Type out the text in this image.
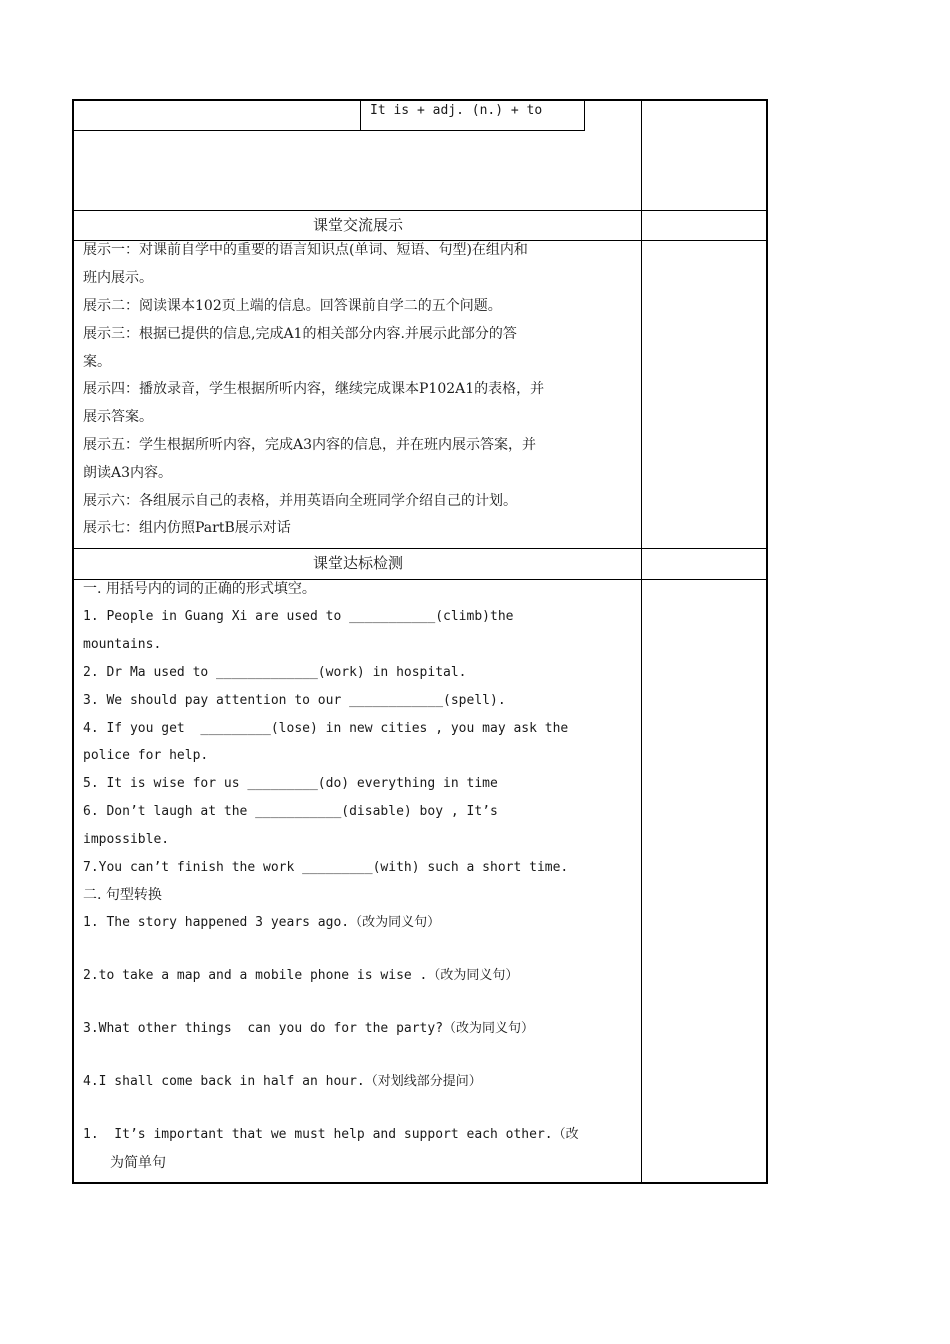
It is + adj. (n.) + to
课堂交流展示
展示一：对课前自学中的重要的语言知识点(单词、短语、句型)在组内和
班内展示。
展示二：阅读课本102页上端的信息。回答课前自学二的五个问题。
展示三：根据已提供的信息,完成A1的相关部分内容.并展示此部分的答
案。
展示四：播放录音，学生根据所听内容，继续完成课本P102A1的表格，并
展示答案。
展示五：学生根据所听内容，完成A3内容的信息，并在班内展示答案，并
朗读A3内容。
展示六：各组展示自己的表格，并用英语向全班同学介绍自己的计划。
展示七：组内仿照PartB展示对话
课堂达标检测
一. 用括号内的词的正确的形式填空。
1. People in Guang Xi are used to ___________(climb)the
mountains.
2. Dr Ma used to _____________(work) in hospital.
3. We should pay attention to our ____________(spell).
4. If you get  _________(lose) in new cities , you may ask the
police for help.
5. It is wise for us _________(do) everything in time
6. Don’t laugh at the ___________(disable) boy , It’s
impossible.
7.You can’t finish the work _________(with) such a short time.
二. 句型转换
1. The story happened 3 years ago.（改为同义句）
2.to take a map and a mobile phone is wise .（改为同义句）
3.What other things  can you do for the party?（改为同义句）
4.I shall come back in half an hour.（对划线部分提问）
1.  It’s important that we must help and support each other.（改
为简单句
